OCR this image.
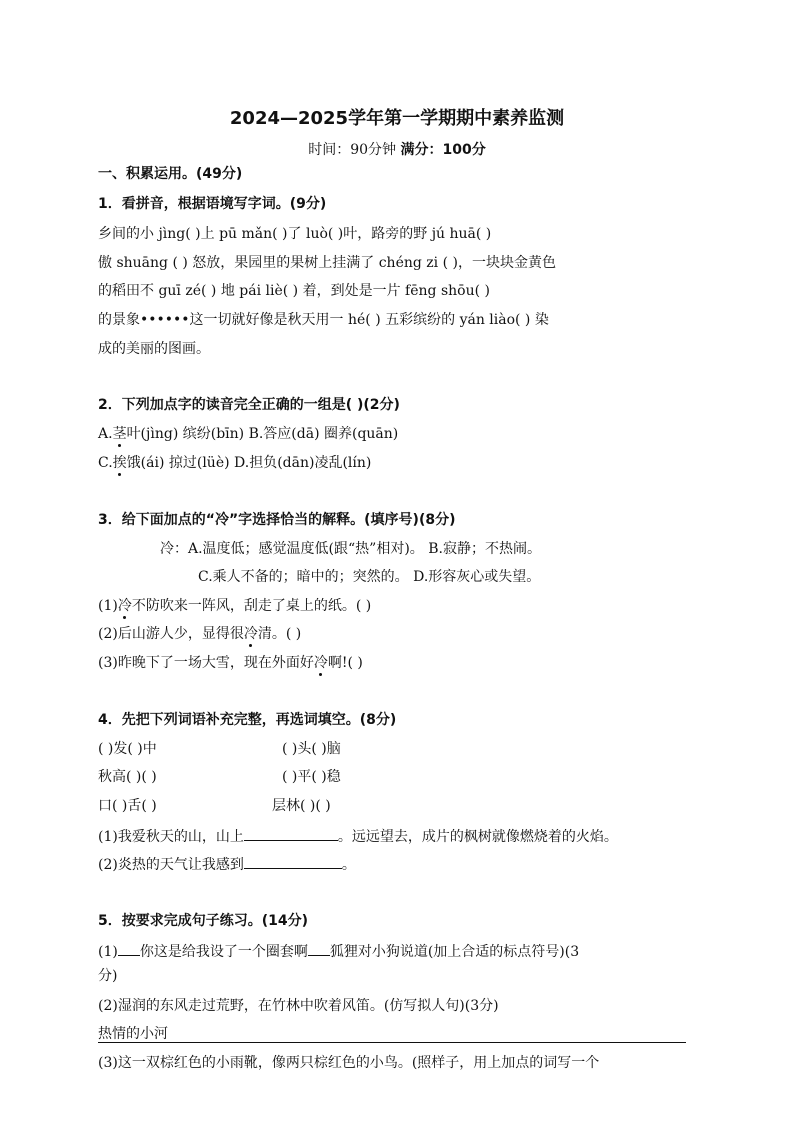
2024—2025学年第一学期期中素养监测
时间：90分钟 满分：100分
一、积累运用。(49分)
1．看拼音，根据语境写字词。(9分)
乡间的小 jìng( )上 pū mǎn( )了 luò( )叶，路旁的野 jú huā( )
傲 shuāng ( ) 怒放，果园里的果树上挂满了 chéng zi ( )，一块块金黄色
的稻田不 guī zé( ) 地 pái liè( ) 着，到处是一片 fēng shōu( )
的景象••••••这一切就好像是秋天用一 hé( ) 五彩缤纷的 yán liào( ) 染
成的美丽的图画。
2．下列加点字的读音完全正确的一组是( )(2分)
A.茎叶(jìng) 缤纷(bīn) B.答应(dā) 圈养(quān)
C.挨饿(ái) 掠过(lüè) D.担负(dān)凌乱(lín)
3．给下面加点的“冷”字选择恰当的解释。(填序号)(8分)
冷：A.温度低；感觉温度低(跟“热”相对)。 B.寂静；不热闹。
C.乘人不备的；暗中的；突然的。 D.形容灰心或失望。
(1)冷不防吹来一阵风，刮走了桌上的纸。( )
(2)后山游人少，显得很冷清。( )
(3)昨晚下了一场大雪，现在外面好冷啊!( )
4．先把下列词语补充完整，再选词填空。(8分)
( )发( )中	( )头( )脑
秋高( )( )	( )平( )稳
口( )舌( )	层林( )( )
(1)我爱秋天的山，山上	。远远望去，成片的枫树就像燃烧着的火焰。
(2)炎热的天气让我感到	。
5．按要求完成句子练习。(14分)
(1) 你这是给我设了一个圈套啊 狐狸对小狗说道(加上合适的标点符号)(3
分)
(2)湿润的东风走过荒野，在竹林中吹着风笛。(仿写拟人句)(3分)
热情的小河
(3)这一双棕红色的小雨靴，像两只棕红色的小鸟。(照样子，用上加点的词写一个
